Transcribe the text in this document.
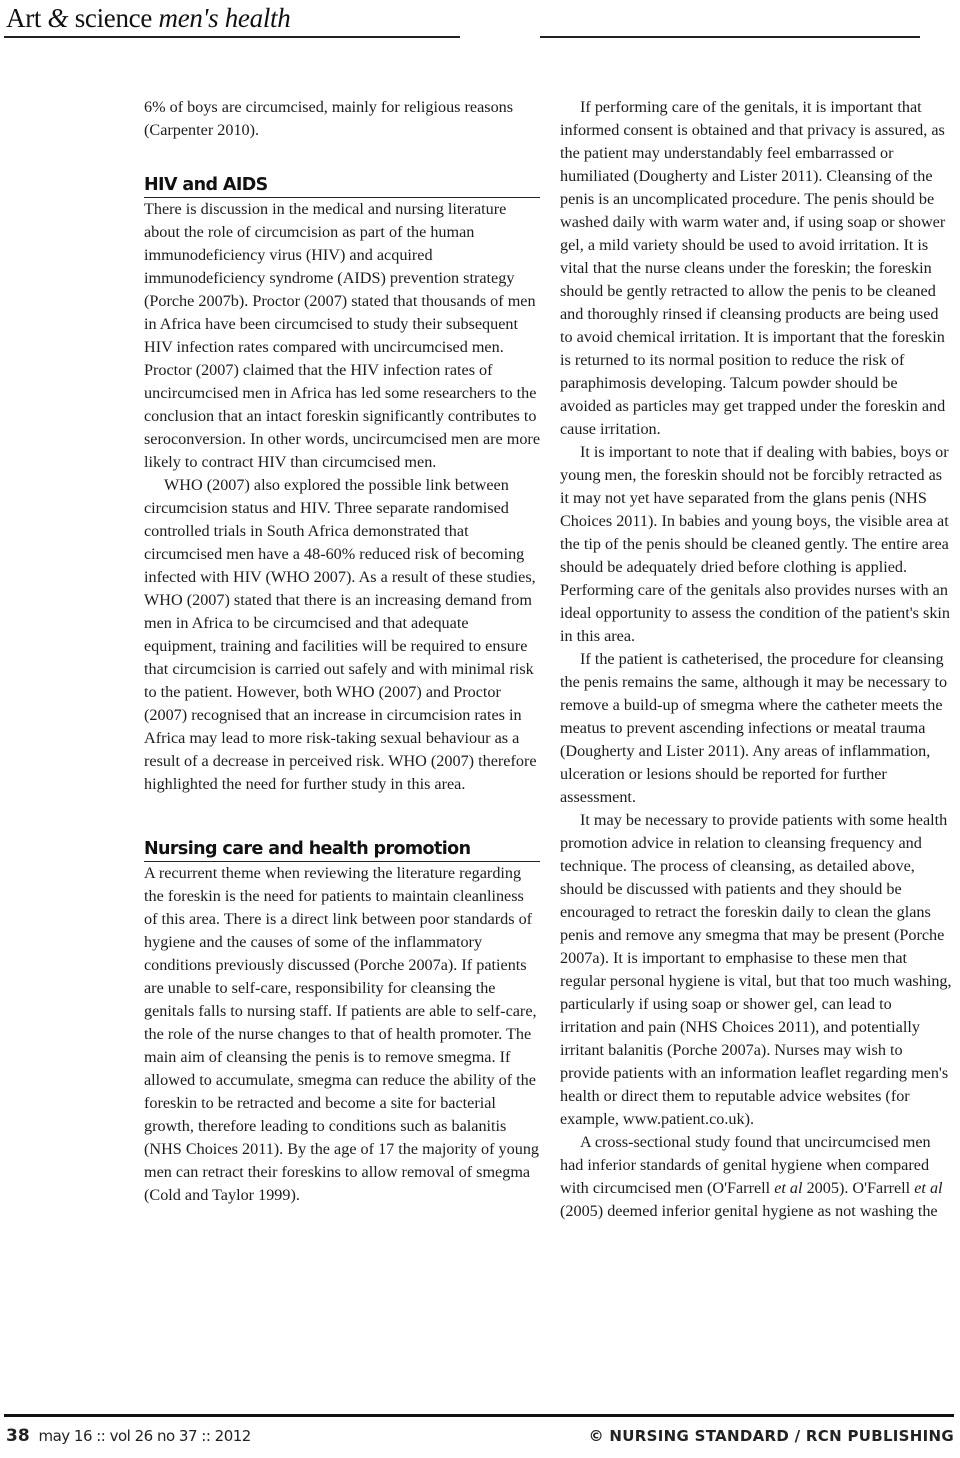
Art & science men's health

6% of boys are circumcised, mainly for religious reasons (Carpenter 2010).

HIV and AIDS

There is discussion in the medical and nursing literature about the role of circumcision as part of the human immunodeficiency virus (HIV) and acquired immunodeficiency syndrome (AIDS) prevention strategy (Porche 2007b). Proctor (2007) stated that thousands of men in Africa have been circumcised to study their subsequent HIV infection rates compared with uncircumcised men. Proctor (2007) claimed that the HIV infection rates of uncircumcised men in Africa has led some researchers to the conclusion that an intact foreskin significantly contributes to seroconversion. In other words, uncircumcised men are more likely to contract HIV than circumcised men.

WHO (2007) also explored the possible link between circumcision status and HIV. Three separate randomised controlled trials in South Africa demonstrated that circumcised men have a 48-60% reduced risk of becoming infected with HIV (WHO 2007). As a result of these studies, WHO (2007) stated that there is an increasing demand from men in Africa to be circumcised and that adequate equipment, training and facilities will be required to ensure that circumcision is carried out safely and with minimal risk to the patient. However, both WHO (2007) and Proctor (2007) recognised that an increase in circumcision rates in Africa may lead to more risk-taking sexual behaviour as a result of a decrease in perceived risk. WHO (2007) therefore highlighted the need for further study in this area.

Nursing care and health promotion

A recurrent theme when reviewing the literature regarding the foreskin is the need for patients to maintain cleanliness of this area. There is a direct link between poor standards of hygiene and the causes of some of the inflammatory conditions previously discussed (Porche 2007a). If patients are unable to self-care, responsibility for cleansing the genitals falls to nursing staff. If patients are able to self-care, the role of the nurse changes to that of health promoter. The main aim of cleansing the penis is to remove smegma. If allowed to accumulate, smegma can reduce the ability of the foreskin to be retracted and become a site for bacterial growth, therefore leading to conditions such as balanitis (NHS Choices 2011). By the age of 17 the majority of young men can retract their foreskins to allow removal of smegma (Cold and Taylor 1999).

If performing care of the genitals, it is important that informed consent is obtained and that privacy is assured, as the patient may understandably feel embarrassed or humiliated (Dougherty and Lister 2011). Cleansing of the penis is an uncomplicated procedure. The penis should be washed daily with warm water and, if using soap or shower gel, a mild variety should be used to avoid irritation. It is vital that the nurse cleans under the foreskin; the foreskin should be gently retracted to allow the penis to be cleaned and thoroughly rinsed if cleansing products are being used to avoid chemical irritation. It is important that the foreskin is returned to its normal position to reduce the risk of paraphimosis developing. Talcum powder should be avoided as particles may get trapped under the foreskin and cause irritation.

It is important to note that if dealing with babies, boys or young men, the foreskin should not be forcibly retracted as it may not yet have separated from the glans penis (NHS Choices 2011). In babies and young boys, the visible area at the tip of the penis should be cleaned gently. The entire area should be adequately dried before clothing is applied. Performing care of the genitals also provides nurses with an ideal opportunity to assess the condition of the patient's skin in this area.

If the patient is catheterised, the procedure for cleansing the penis remains the same, although it may be necessary to remove a build-up of smegma where the catheter meets the meatus to prevent ascending infections or meatal trauma (Dougherty and Lister 2011). Any areas of inflammation, ulceration or lesions should be reported for further assessment.

It may be necessary to provide patients with some health promotion advice in relation to cleansing frequency and technique. The process of cleansing, as detailed above, should be discussed with patients and they should be encouraged to retract the foreskin daily to clean the glans penis and remove any smegma that may be present (Porche 2007a). It is important to emphasise to these men that regular personal hygiene is vital, but that too much washing, particularly if using soap or shower gel, can lead to irritation and pain (NHS Choices 2011), and potentially irritant balanitis (Porche 2007a). Nurses may wish to provide patients with an information leaflet regarding men's health or direct them to reputable advice websites (for example, www.patient.co.uk).

A cross-sectional study found that uncircumcised men had inferior standards of genital hygiene when compared with circumcised men (O'Farrell et al 2005). O'Farrell et al (2005) deemed inferior genital hygiene as not washing the

38 may 16 :: vol 26 no 37 :: 2012	© NURSING STANDARD / RCN PUBLISHING
